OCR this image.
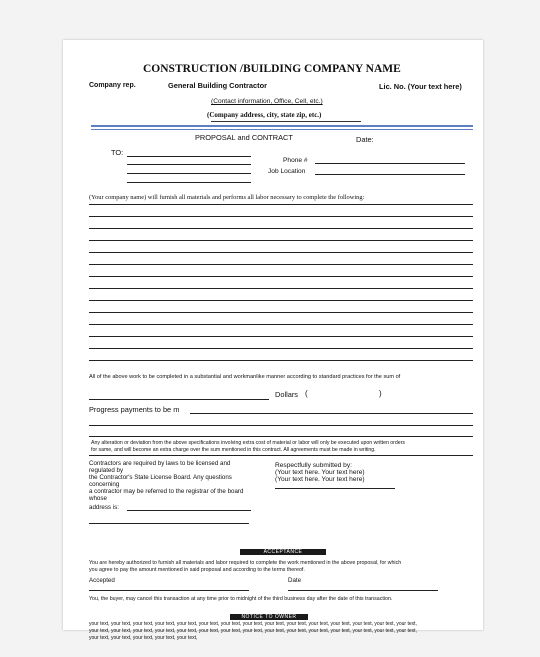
CONSTRUCTION /BUILDING COMPANY NAME
Company rep.	General Building Contractor	Lic. No. (Your text here)
(Contact information, Office, Cell, etc.)
(Company address, city, state zip, etc.)
PROPOSAL and CONTRACT	Date:
TO:
Phone #
Job Location
(Your company name) will furnish all materials and performs all labor necessary to complete the following:
All of the above work to be completed in a substantial and workmanlike manner according to standard practices for the sum of
Dollars (	)
Progress payments to be m
Any alteration or deviation from the above specifications involving extra cost of material or labor will only be executed upon written orders
for same, and will become an extra charge over the sum mentioned in this contract. All agreements must be made in writing.
Contractors are required by laws to be licensed and
regulated by
the Contractor's State License Board. Any questions
concerning
a contractor may be referred to the registrar of the board
whose
address is:
Respectfully submitted by:
(Your text here. Your text here)
(Your text here. Your text here)
ACCEPTANCE
You are hereby authorized to furnish all materials and labor required to complete the work mentioned in the above proposal, for which
you agree to pay the amount mentioned in said proposal and according to the terms thereof.
Accepted	Date
You, the buyer, may cancel this transaction at any time prior to midnight of the third business day after the date of this transaction.
NOTICE TO OWNER
your text, your text, your text, your text, your text, your text, your text, your text, your text, your text, your text, your text, your text, your text, your text,
your text, your text, your text, your text, your text, your text, your text, your text, your text, your text, your text, your text, your text, your text, your text,
your text, your text, your text, your text, your text,
